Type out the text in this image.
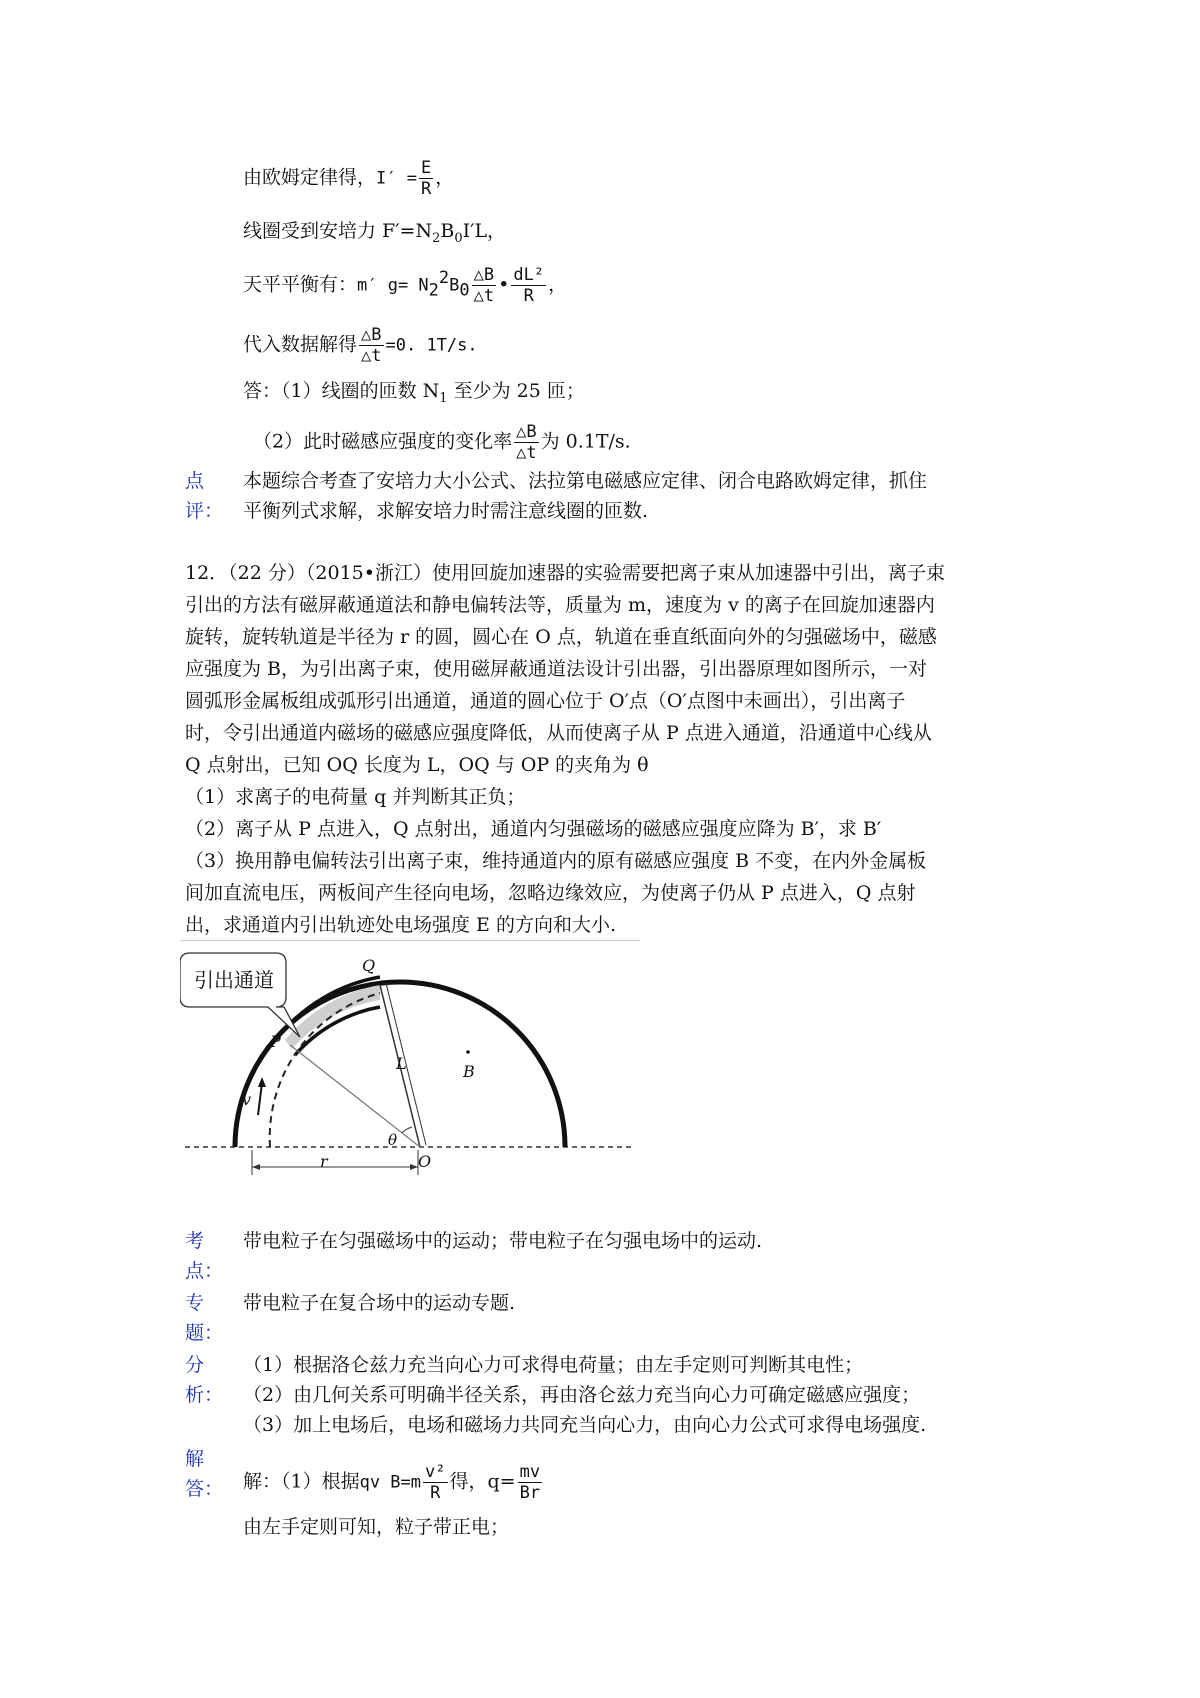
由欧姆定律得，$I' = \frac{E}{R}$ ，
线圈受到安培力 $F'=N_2B_0I'L$，
天平平衡有：m′ $g= N_2^2B_0 \frac{\triangle B}{\triangle t}$ • $\frac{\text{dL²}}{R}$ ，
代入数据解得 $\frac{\triangle B}{\triangle t} =0$. 1T/s.
答：（1）线圈的匝数 $N_1$ 至少为 25 匝；
（2）此时磁感应强度的变化率 $\frac{\triangle B}{\triangle t}$ 为 0.1T/s.
点
评：
本题综合考查了安培力大小公式、法拉第电磁感应定律、闭合电路欧姆定律，抓住
平衡列式求解，求解安培力时需注意线圈的匝数.
12．（22 分）（2015•浙江）使用回旋加速器的实验需要把离子束从加速器中引出，离子束
引出的方法有磁屏蔽通道法和静电偏转法等，质量为 m，速度为 v 的离子在回旋加速器内
旋转，旋转轨道是半径为 r 的圆，圆心在 O 点，轨道在垂直纸面向外的匀强磁场中，磁感
应强度为 B，为引出离子束，使用磁屏蔽通道法设计引出器，引出器原理如图所示，一对
圆弧形金属板组成弧形引出通道，通道的圆心位于 O′点（O′点图中未画出），引出离子
时，令引出通道内磁场的磁感应强度降低，从而使离子从 P 点进入通道，沿通道中心线从
Q 点射出，已知 OQ 长度为 L，OQ 与 OP 的夹角为 θ
（1）求离子的电荷量 q 并判断其正负；
（2）离子从 P 点进入，Q 点射出，通道内匀强磁场的磁感应强度应降为 B′，求 B′
（3）换用静电偏转法引出离子束，维持通道内的原有磁感应强度 B 不变，在内外金属板
间加直流电压，两板间产生径向电场，忽略边缘效应，为使离子仍从 P 点进入，Q 点射
出，求通道内引出轨迹处电场强度 E 的方向和大小.
引出通道
Q
P
L	B
v
θ
O
r
考
点：
带电粒子在匀强磁场中的运动；带电粒子在匀强电场中的运动.
专
题：
带电粒子在复合场中的运动专题.
分
析：
（1）根据洛仑兹力充当向心力可求得电荷量；由左手定则可判断其电性；
（2）由几何关系可明确半径关系，再由洛仑兹力充当向心力可确定磁感应强度；
（3）加上电场后，电场和磁场力共同充当向心力，由向心力公式可求得电场强度.
解
答： 解：（1）根据qv $B=m \frac{\text{v²}}{R}$ 得，$q= \frac{mv}{Br}$
由左手定则可知，粒子带正电；
